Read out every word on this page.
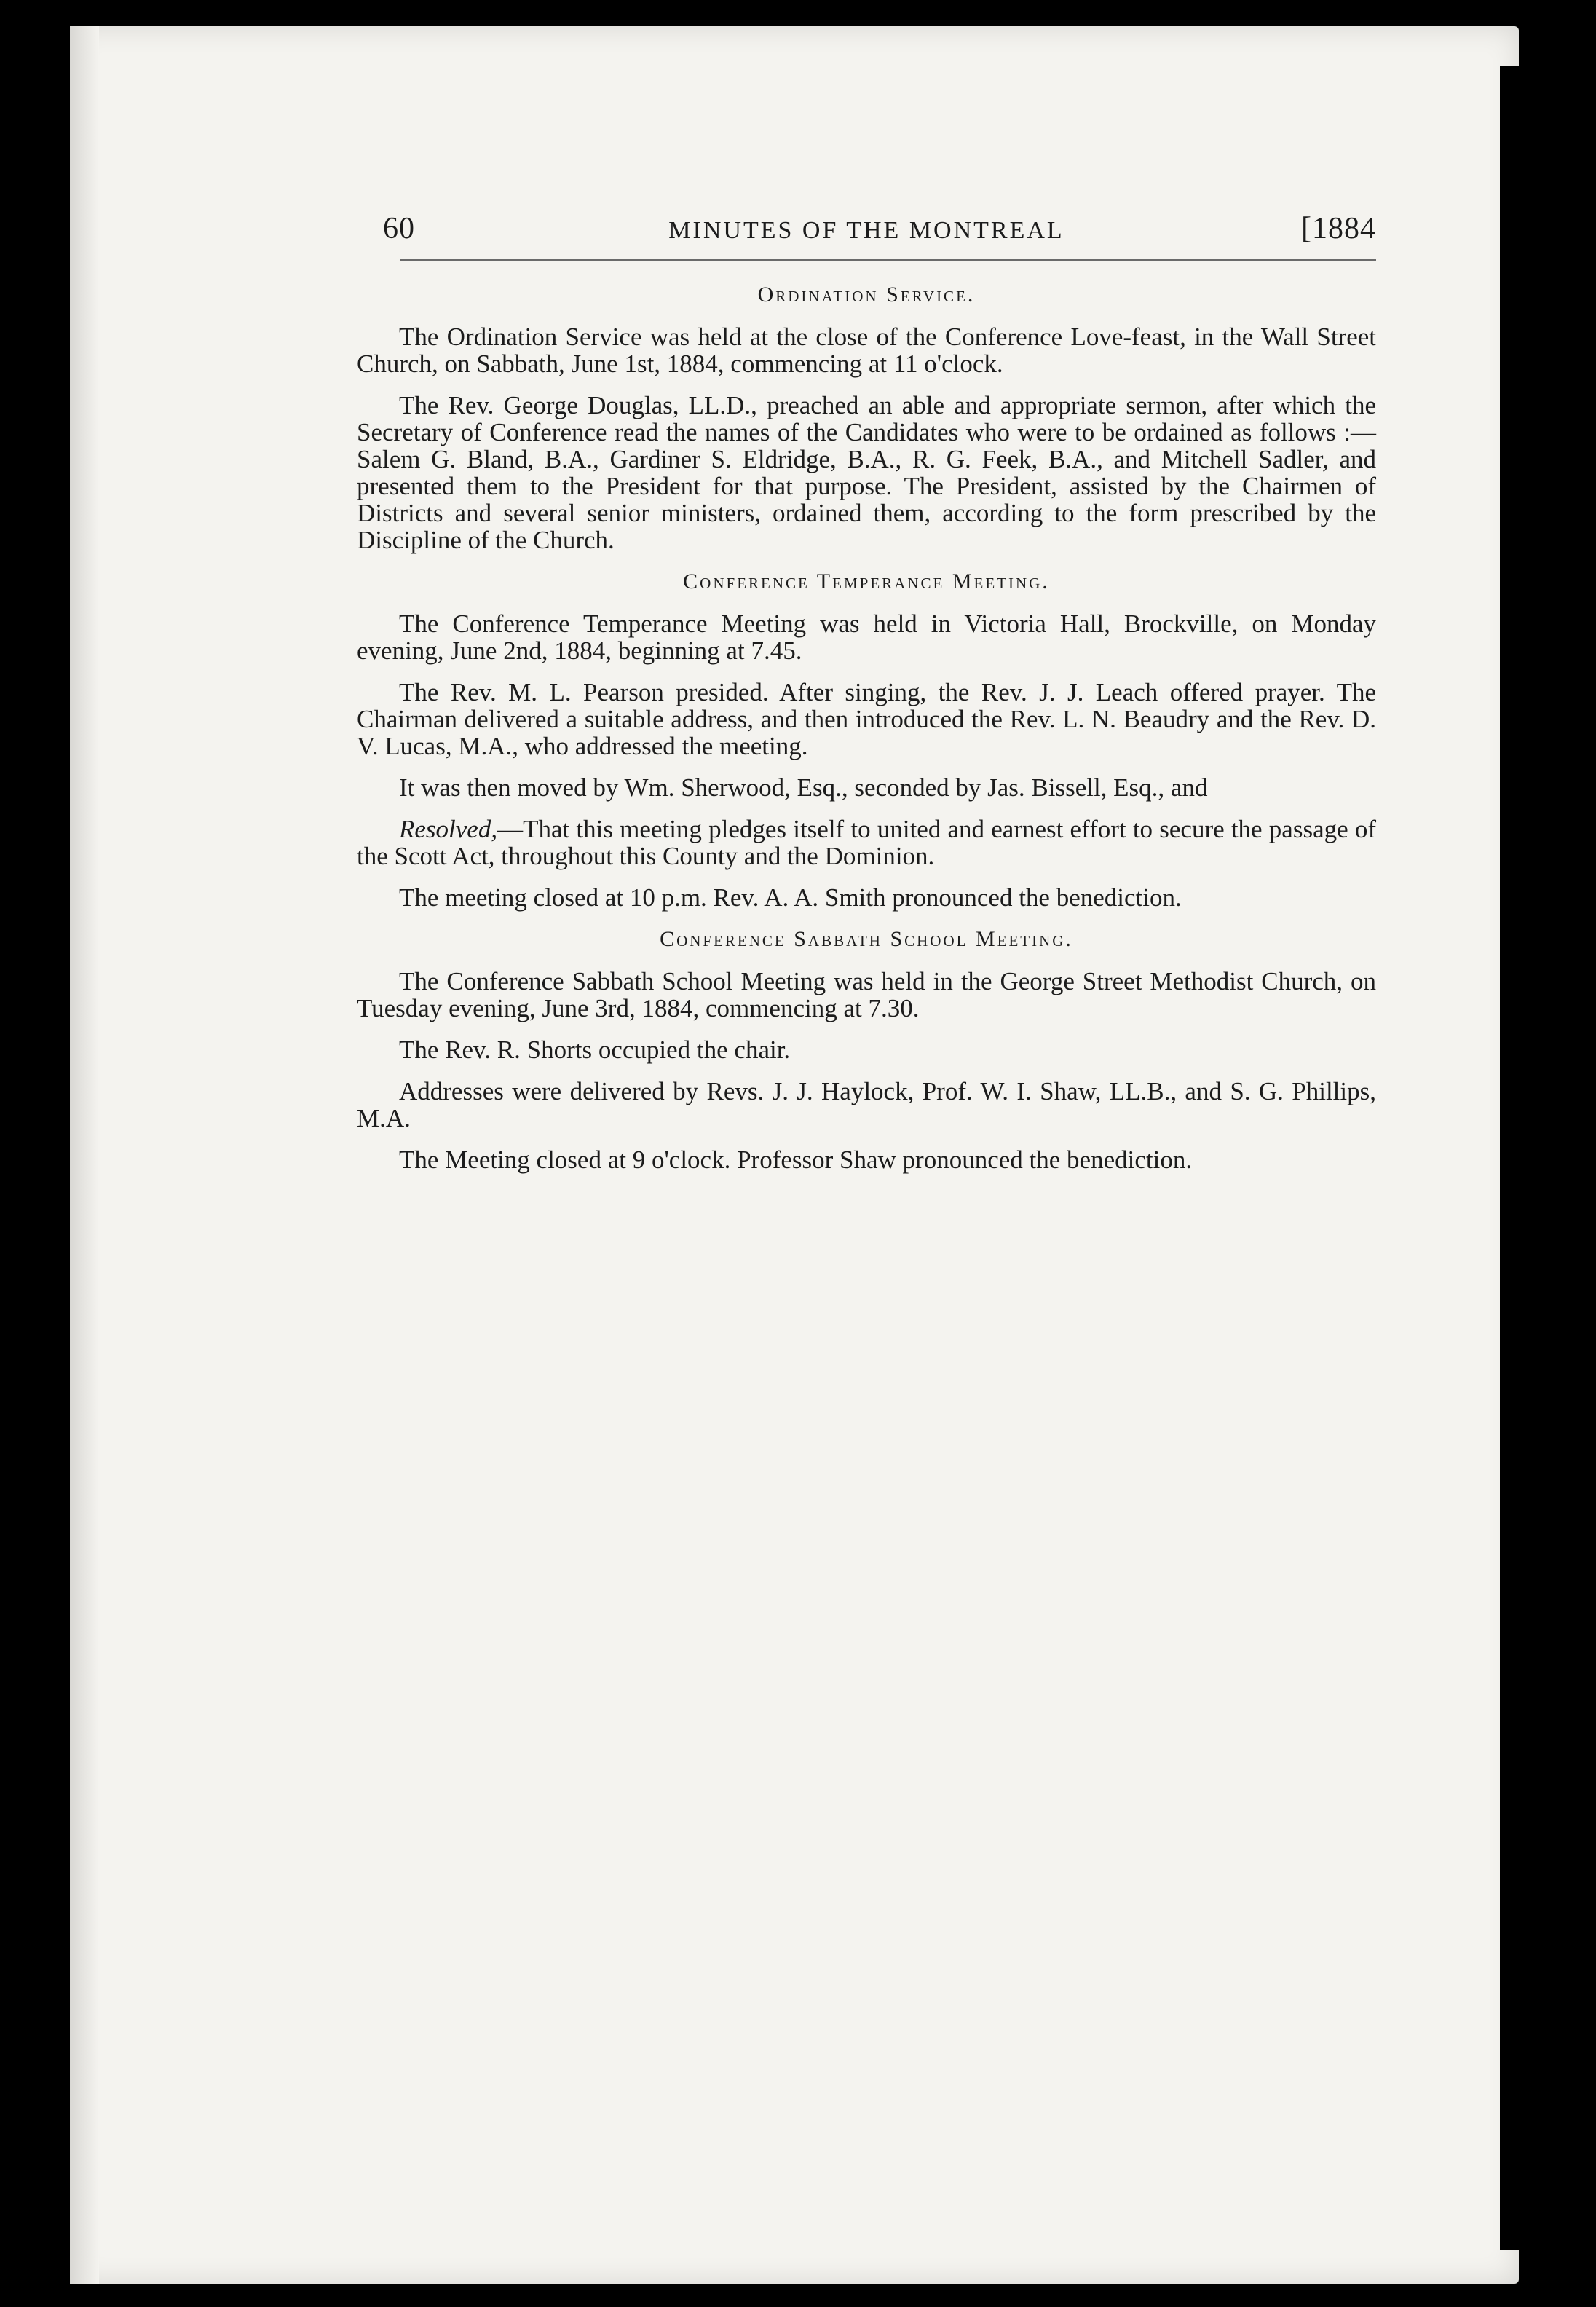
60	MINUTES OF THE MONTREAL	[1884
Ordination Service.

The Ordination Service was held at the close of the Conference Love-feast, in the Wall Street Church, on Sabbath, June 1st, 1884, commencing at 11 o'clock.

The Rev. George Douglas, LL.D., preached an able and appropriate sermon, after which the Secretary of Conference read the names of the Candidates who were to be ordained as follows :—Salem G. Bland, B.A., Gardiner S. Eldridge, B.A., R. G. Feek, B.A., and Mitchell Sadler, and presented them to the President for that purpose. The President, assisted by the Chairmen of Districts and several senior ministers, ordained them, according to the form prescribed by the Discipline of the Church.

Conference Temperance Meeting.

The Conference Temperance Meeting was held in Victoria Hall, Brockville, on Monday evening, June 2nd, 1884, beginning at 7.45.

The Rev. M. L. Pearson presided. After singing, the Rev. J. J. Leach offered prayer. The Chairman delivered a suitable address, and then introduced the Rev. L. N. Beaudry and the Rev. D. V. Lucas, M.A., who addressed the meeting.

It was then moved by Wm. Sherwood, Esq., seconded by Jas. Bissell, Esq., and

Resolved,—That this meeting pledges itself to united and earnest effort to secure the passage of the Scott Act, throughout this County and the Dominion.

The meeting closed at 10 p.m. Rev. A. A. Smith pronounced the benediction.

Conference Sabbath School Meeting.

The Conference Sabbath School Meeting was held in the George Street Methodist Church, on Tuesday evening, June 3rd, 1884, commencing at 7.30.

The Rev. R. Shorts occupied the chair.

Addresses were delivered by Revs. J. J. Haylock, Prof. W. I. Shaw, LL.B., and S. G. Phillips, M.A.

The Meeting closed at 9 o'clock. Professor Shaw pronounced the benediction.
